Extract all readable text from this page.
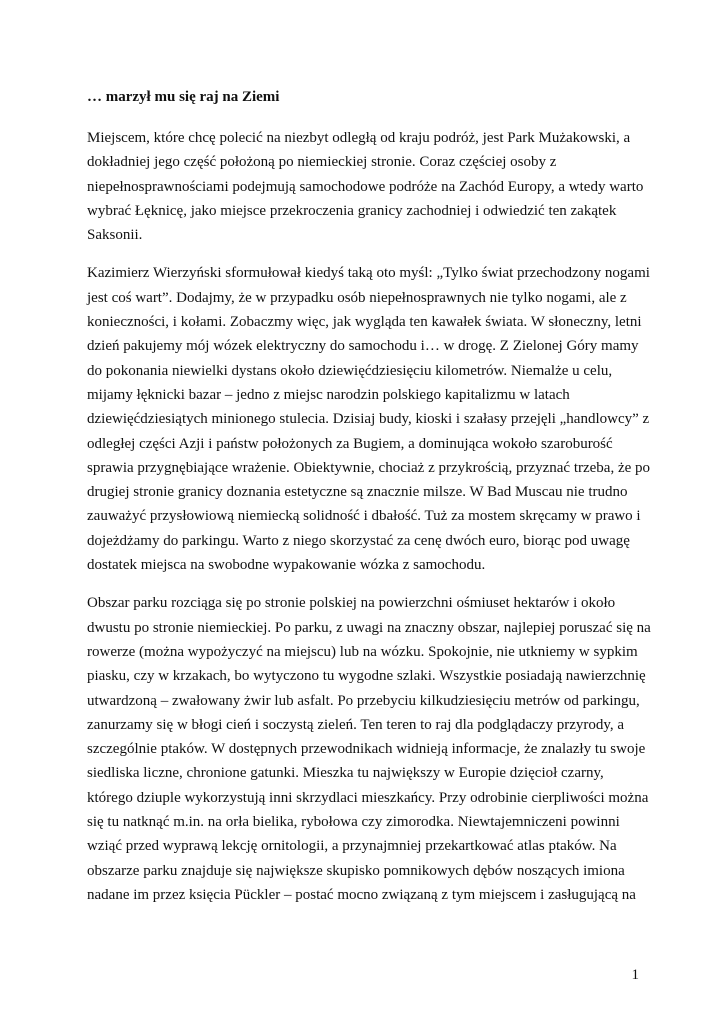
… marzył mu się raj na Ziemi

Miejscem, które chcę polecić na niezbyt odległą od kraju podróż, jest Park Mużakowski, a
dokładniej jego część położoną po niemieckiej stronie. Coraz częściej osoby z
niepełnosprawnościami podejmują samochodowe podróże na Zachód Europy, a wtedy warto
wybrać Łęknicę, jako miejsce przekroczenia granicy zachodniej i odwiedzić ten zakątek
Saksonii.

Kazimierz Wierzyński sformułował kiedyś taką oto myśl: „Tylko świat przechodzony nogami
jest coś wart”. Dodajmy, że w przypadku osób niepełnosprawnych nie tylko nogami, ale z
konieczności, i kołami. Zobaczmy więc, jak wygląda ten kawałek świata. W słoneczny, letni
dzień pakujemy mój wózek elektryczny do samochodu i… w drogę. Z Zielonej Góry mamy
do pokonania niewielki dystans około dziewięćdziesięciu kilometrów. Niemalże u celu,
mijamy łęknicki bazar – jedno z miejsc narodzin polskiego kapitalizmu w latach
dziewięćdziesiątych minionego stulecia. Dzisiaj budy, kioski i szałasy przejęli „handlowcy” z
odległej części Azji i państw położonych za Bugiem, a dominująca wokoło szaroburość
sprawia przygnębiające wrażenie. Obiektywnie, chociaż z przykrością, przyznać trzeba, że po
drugiej stronie granicy doznania estetyczne są znacznie milsze. W Bad Muscau nie trudno
zauważyć przysłowiową niemiecką solidność i dbałość. Tuż za mostem skręcamy w prawo i
dojeżdżamy do parkingu. Warto z niego skorzystać za cenę dwóch euro, biorąc pod uwagę
dostatek miejsca na swobodne wypakowanie wózka z samochodu.

Obszar parku rozciąga się po stronie polskiej na powierzchni ośmiuset hektarów i około
dwustu po stronie niemieckiej. Po parku, z uwagi na znaczny obszar, najlepiej poruszać się na
rowerze (można wypożyczyć na miejscu) lub na wózku. Spokojnie, nie utkniemy w sypkim
piasku, czy w krzakach, bo wytyczono tu wygodne szlaki. Wszystkie posiadają nawierzchnię
utwardzoną – zwałowany żwir lub asfalt. Po przebyciu kilkudziesięciu metrów od parkingu,
zanurzamy się w błogi cień i soczystą zieleń. Ten teren to raj dla podglądaczy przyrody, a
szczególnie ptaków. W dostępnych przewodnikach widnieją informacje, że znalazły tu swoje
siedliska liczne, chronione gatunki. Mieszka tu największy w Europie dzięcioł czarny,
którego dziuple wykorzystują inni skrzydlaci mieszkańcy. Przy odrobinie cierpliwości można
się tu natknąć m.in. na orła bielika, rybołowa czy zimorodka. Niewtajemniczeni powinni
wziąć przed wyprawą lekcję ornitologii, a przynajmniej przekartkować atlas ptaków. Na
obszarze parku znajduje się największe skupisko pomnikowych dębów noszących imiona
nadane im przez księcia Pückler – postać mocno związaną z tym miejscem i zasługującą na

1
